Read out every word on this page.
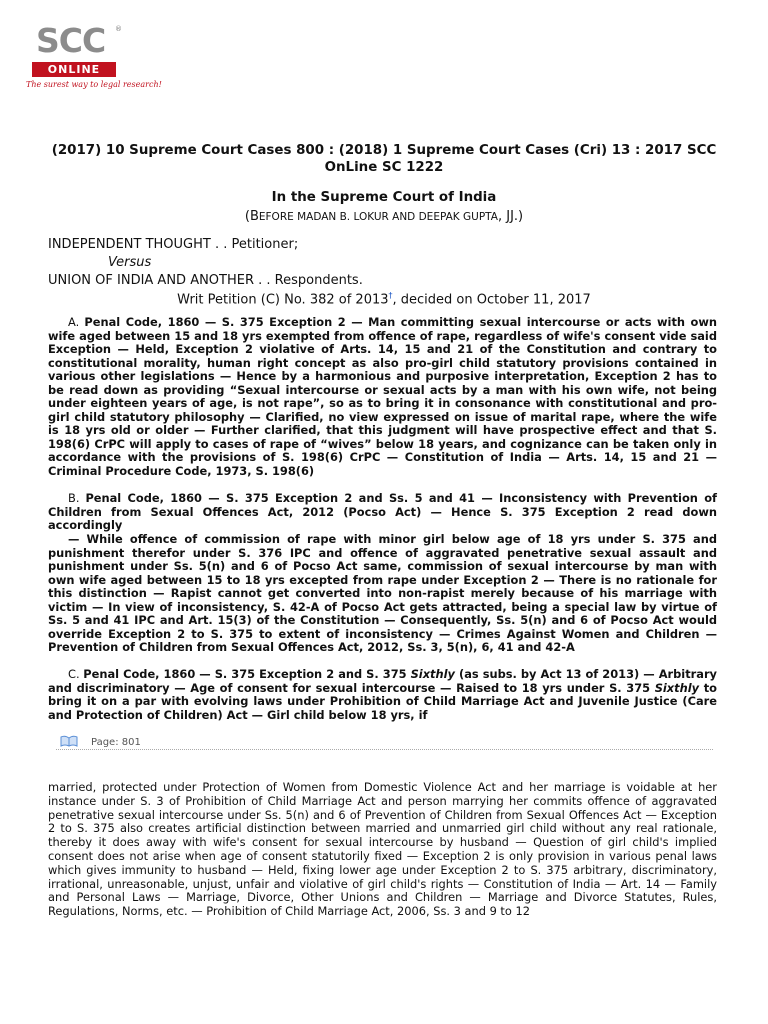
SCC ®
ONLINE
The surest way to legal research!
(2017) 10 Supreme Court Cases 800 : (2018) 1 Supreme Court Cases (Cri) 13 : 2017 SCC OnLine SC 1222
In the Supreme Court of India
(BEFORE MADAN B. LOKUR AND DEEPAK GUPTA, JJ.)
INDEPENDENT THOUGHT . . Petitioner;
Versus
UNION OF INDIA AND ANOTHER . . Respondents.
Writ Petition (C) No. 382 of 2013†, decided on October 11, 2017
A. Penal Code, 1860 — S. 375 Exception 2 — Man committing sexual intercourse or acts with own wife aged between 15 and 18 yrs exempted from offence of rape, regardless of wife's consent vide said Exception — Held, Exception 2 violative of Arts. 14, 15 and 21 of the Constitution and contrary to constitutional morality, human right concept as also pro-girl child statutory provisions contained in various other legislations — Hence by a harmonious and purposive interpretation, Exception 2 has to be read down as providing “Sexual intercourse or sexual acts by a man with his own wife, not being under eighteen years of age, is not rape”, so as to bring it in consonance with constitutional and pro-girl child statutory philosophy — Clarified, no view expressed on issue of marital rape, where the wife is 18 yrs old or older — Further clarified, that this judgment will have prospective effect and that S. 198(6) CrPC will apply to cases of rape of “wives” below 18 years, and cognizance can be taken only in accordance with the provisions of S. 198(6) CrPC — Constitution of India — Arts. 14, 15 and 21 — Criminal Procedure Code, 1973, S. 198(6)
B. Penal Code, 1860 — S. 375 Exception 2 and Ss. 5 and 41 — Inconsistency with Prevention of Children from Sexual Offences Act, 2012 (Pocso Act) — Hence S. 375 Exception 2 read down accordingly
— While offence of commission of rape with minor girl below age of 18 yrs under S. 375 and punishment therefor under S. 376 IPC and offence of aggravated penetrative sexual assault and punishment under Ss. 5(n) and 6 of Pocso Act same, commission of sexual intercourse by man with own wife aged between 15 to 18 yrs excepted from rape under Exception 2 — There is no rationale for this distinction — Rapist cannot get converted into non-rapist merely because of his marriage with victim — In view of inconsistency, S. 42-A of Pocso Act gets attracted, being a special law by virtue of Ss. 5 and 41 IPC and Art. 15(3) of the Constitution — Consequently, Ss. 5(n) and 6 of Pocso Act would override Exception 2 to S. 375 to extent of inconsistency — Crimes Against Women and Children — Prevention of Children from Sexual Offences Act, 2012, Ss. 3, 5(n), 6, 41 and 42-A
C. Penal Code, 1860 — S. 375 Exception 2 and S. 375 Sixthly (as subs. by Act 13 of 2013) — Arbitrary and discriminatory — Age of consent for sexual intercourse — Raised to 18 yrs under S. 375 Sixthly to bring it on a par with evolving laws under Prohibition of Child Marriage Act and Juvenile Justice (Care and Protection of Children) Act — Girl child below 18 yrs, if
Page: 801
married, protected under Protection of Women from Domestic Violence Act and her marriage is voidable at her instance under S. 3 of Prohibition of Child Marriage Act and person marrying her commits offence of aggravated penetrative sexual intercourse under Ss. 5(n) and 6 of Prevention of Children from Sexual Offences Act — Exception 2 to S. 375 also creates artificial distinction between married and unmarried girl child without any real rationale, thereby it does away with wife's consent for sexual intercourse by husband — Question of girl child's implied consent does not arise when age of consent statutorily fixed — Exception 2 is only provision in various penal laws which gives immunity to husband — Held, fixing lower age under Exception 2 to S. 375 arbitrary, discriminatory, irrational, unreasonable, unjust, unfair and violative of girl child's rights — Constitution of India — Art. 14 — Family and Personal Laws — Marriage, Divorce, Other Unions and Children — Marriage and Divorce Statutes, Rules, Regulations, Norms, etc. — Prohibition of Child Marriage Act, 2006, Ss. 3 and 9 to 12
